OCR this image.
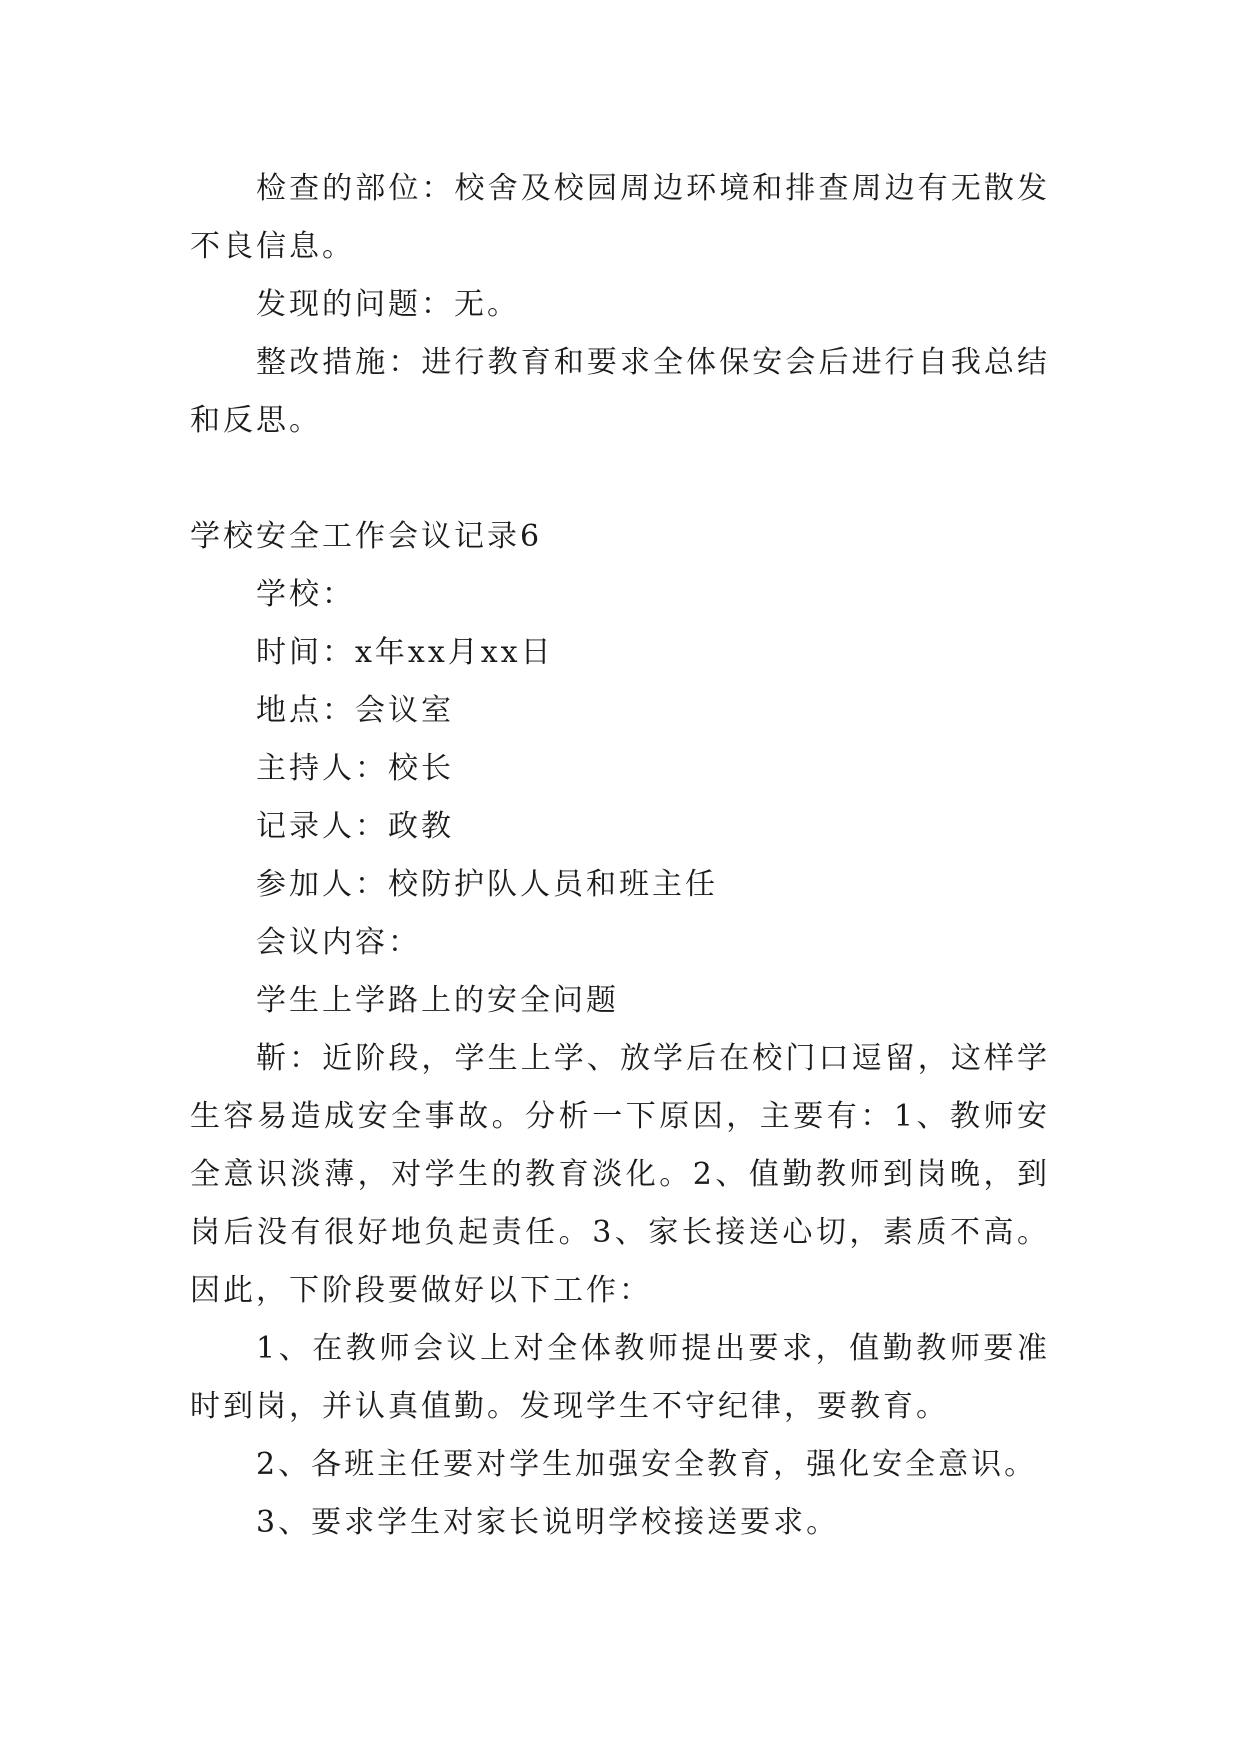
检查的部位：校舍及校园周边环境和排查周边有无散发不良信息。

发现的问题：无。

整改措施：进行教育和要求全体保安会后进行自我总结和反思。

学校安全工作会议记录6

学校：

时间：x年xx月xx日

地点：会议室

主持人：校长

记录人：政教

参加人：校防护队人员和班主任

会议内容：

学生上学路上的安全问题

靳：近阶段，学生上学、放学后在校门口逗留，这样学生容易造成安全事故。分析一下原因，主要有：1、教师安全意识淡薄，对学生的教育淡化。2、值勤教师到岗晚，到岗后没有很好地负起责任。3、家长接送心切，素质不高。因此，下阶段要做好以下工作：

1、在教师会议上对全体教师提出要求，值勤教师要准时到岗，并认真值勤。发现学生不守纪律，要教育。

2、各班主任要对学生加强安全教育，强化安全意识。

3、要求学生对家长说明学校接送要求。
